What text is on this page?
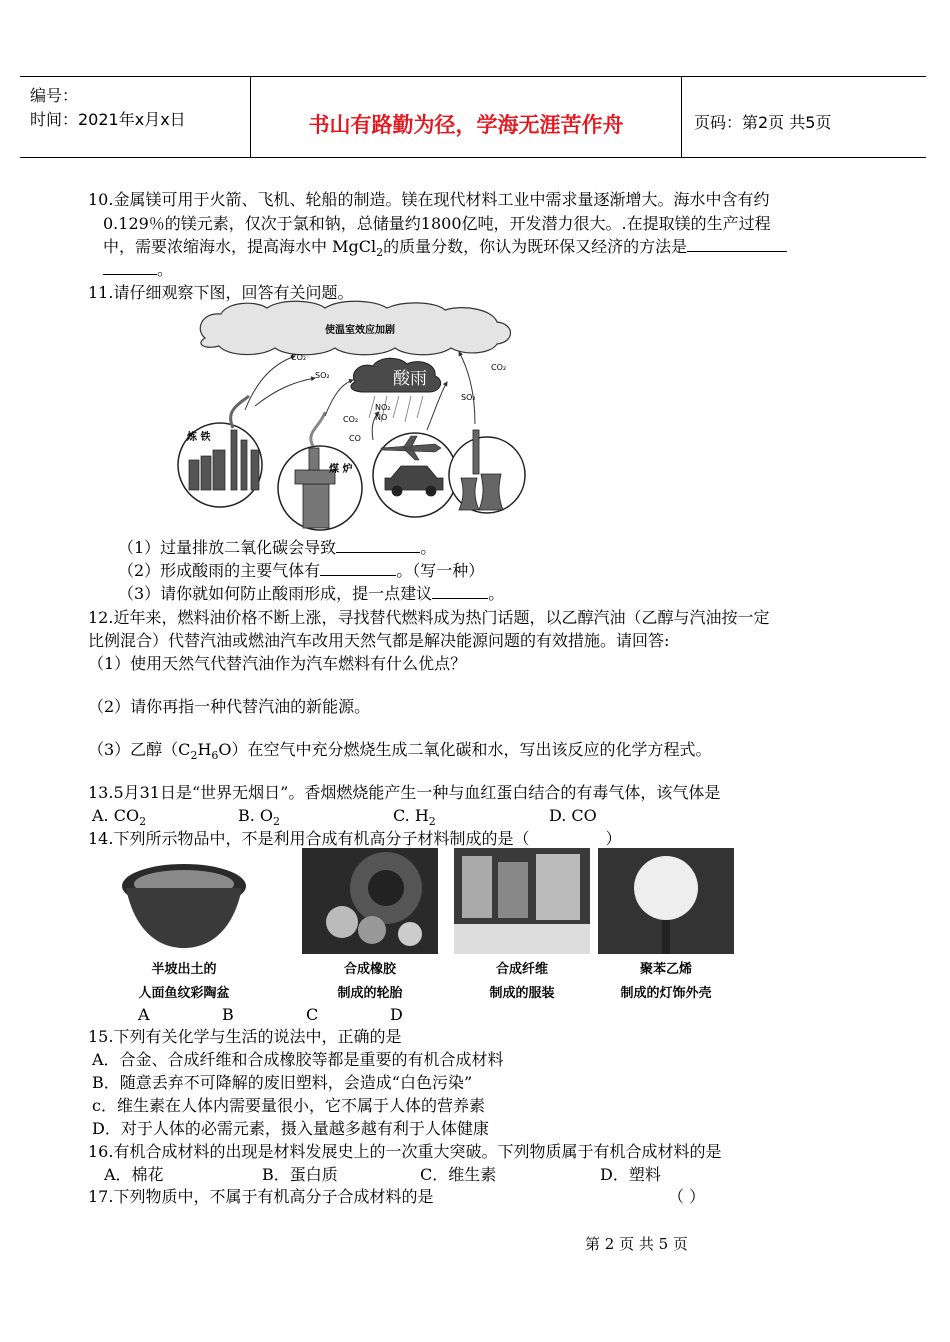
编号：
时间：2021年x月x日	书山有路勤为径，学海无涯苦作舟	页码：第2页 共5页
10.金属镁可用于火箭、飞机、轮船的制造。镁在现代材料工业中需求量逐渐增大。海水中含有约
0.129％的镁元素，仅次于氯和钠，总储量约1800亿吨，开发潜力很大。.在提取镁的生产过程
中，需要浓缩海水，提高海水中 MgCl$_2$的质量分数，你认为既环保又经济的方法是
。
11.请仔细观察下图，回答有关问题。
使温室效应加剧
酸雨
炼 铁
煤 炉
CO₂
SO₂
CO₂
CO
NO₂
NO
SO₂
CO₂
（1）过量排放二氧化碳会导致	。
（2）形成酸雨的主要气体有	。（写一种）
（3）请你就如何防止酸雨形成，提一点建议	。
12.近年来，燃料油价格不断上涨，寻找替代燃料成为热门话题，以乙醇汽油（乙醇与汽油按一定
比例混合）代替汽油或燃油汽车改用天然气都是解决能源问题的有效措施。请回答:
（1）使用天然气代替汽油作为汽车燃料有什么优点？
（2）请你再指一种代替汽油的新能源。
（3）乙醇$(C_2H_6O)$在空气中充分燃烧生成二氧化碳和水，写出该反应的化学方程式。
13.5月31日是“世界无烟日”。香烟燃烧能产生一种与血红蛋白结合的有毒气体，该气体是
A. $CO_2$	B. $O_2$	C. $H_2$	D. CO
14.下列所示物品中，不是利用合成有机高分子材料制成的是（	）
半坡出土的
人面鱼纹彩陶盆
合成橡胶
制成的轮胎
合成纤维
制成的服装
聚苯乙烯
制成的灯饰外壳
A	B	C	D
15.下列有关化学与生活的说法中，正确的是
A．合金、合成纤维和合成橡胶等都是重要的有机合成材料
B．随意丢弃不可降解的废旧塑料，会造成“白色污染”
c．维生素在人体内需要量很小，它不属于人体的营养素
D．对于人体的必需元素，摄入量越多越有利于人体健康
16.有机合成材料的出现是材料发展史上的一次重大突破。下列物质属于有机合成材料的是
A．棉花	B．蛋白质	C．维生素	D．塑料
17.下列物质中，不属于有机高分子合成材料的是	（ ）
第 2 页 共 5 页
